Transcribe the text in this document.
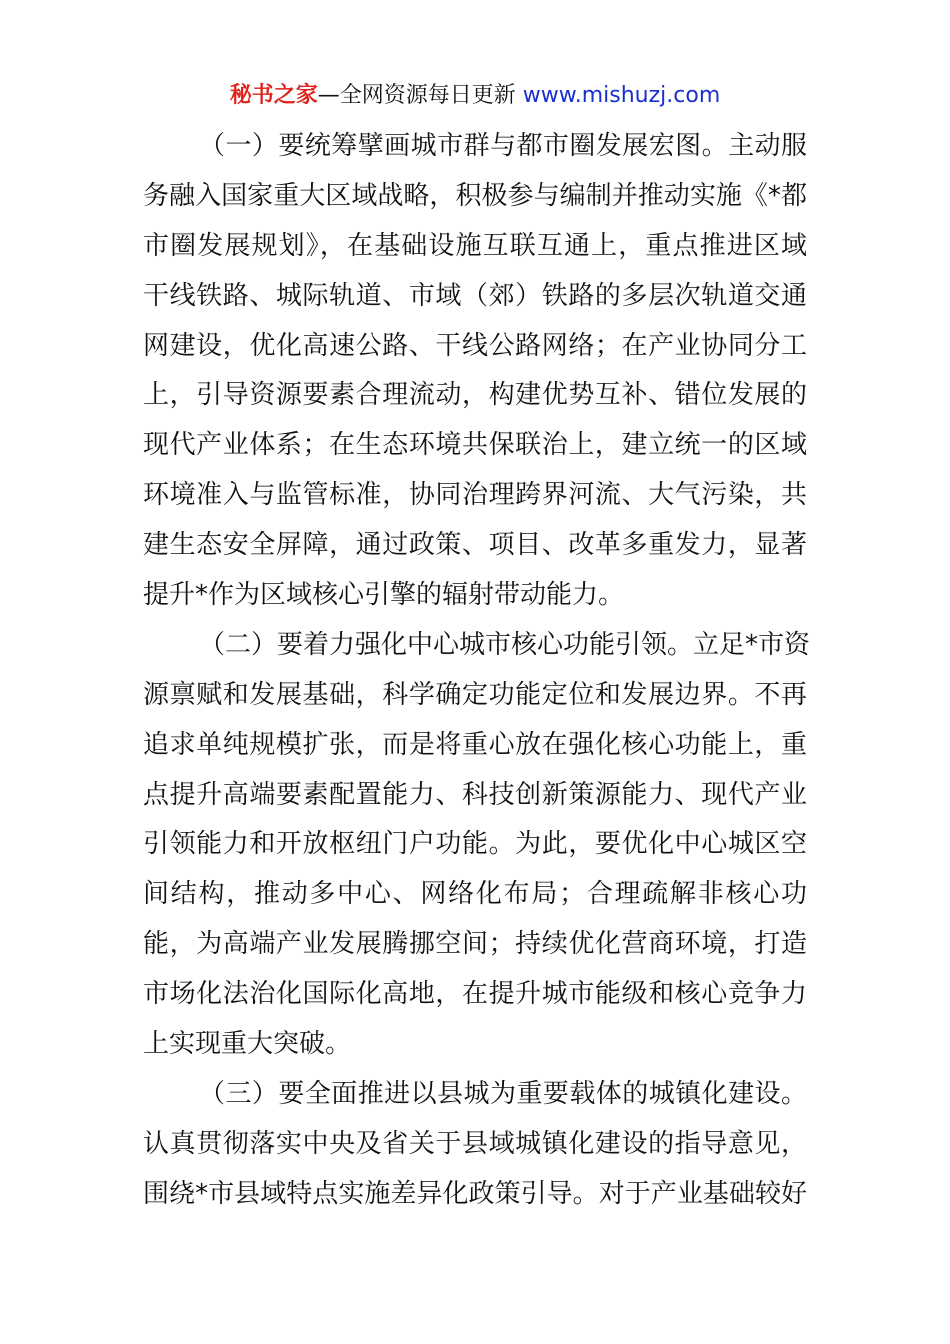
秘书之家—全网资源每日更新 www.mishuzj.com
（一）要统筹擘画城市群与都市圈发展宏图。主动服
务融入国家重大区域战略，积极参与编制并推动实施《*都
市圈发展规划》，在基础设施互联互通上，重点推进区域
干线铁路、城际轨道、市域（郊）铁路的多层次轨道交通
网建设，优化高速公路、干线公路网络；在产业协同分工
上，引导资源要素合理流动，构建优势互补、错位发展的
现代产业体系；在生态环境共保联治上，建立统一的区域
环境准入与监管标准，协同治理跨界河流、大气污染，共
建生态安全屏障，通过政策、项目、改革多重发力，显著
提升*作为区域核心引擎的辐射带动能力。
（二）要着力强化中心城市核心功能引领。立足*市资
源禀赋和发展基础，科学确定功能定位和发展边界。不再
追求单纯规模扩张，而是将重心放在强化核心功能上，重
点提升高端要素配置能力、科技创新策源能力、现代产业
引领能力和开放枢纽门户功能。为此，要优化中心城区空
间结构，推动多中心、网络化布局；合理疏解非核心功
能，为高端产业发展腾挪空间；持续优化营商环境，打造
市场化法治化国际化高地，在提升城市能级和核心竞争力
上实现重大突破。
（三）要全面推进以县城为重要载体的城镇化建设。
认真贯彻落实中央及省关于县域城镇化建设的指导意见，
围绕*市县域特点实施差异化政策引导。对于产业基础较好
